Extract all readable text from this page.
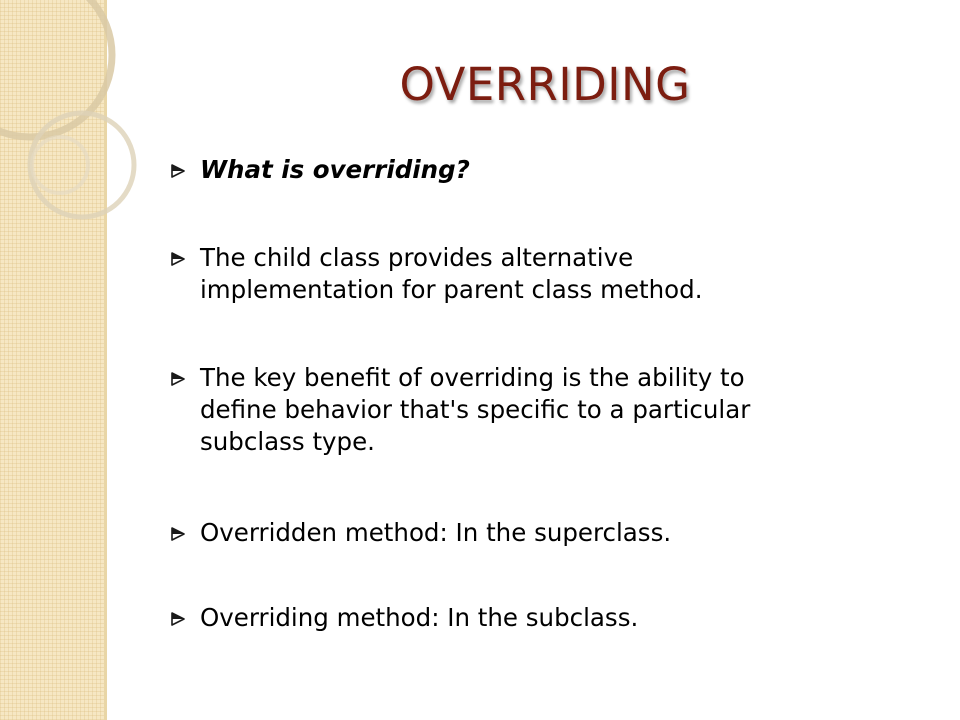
OVERRIDING
What is overriding?
The child class provides alternative
implementation for parent class method.
The key benefit of overriding is the ability to
define behavior that's specific to a particular
subclass type.
Overridden method: In the superclass.
Overriding method: In the subclass.
